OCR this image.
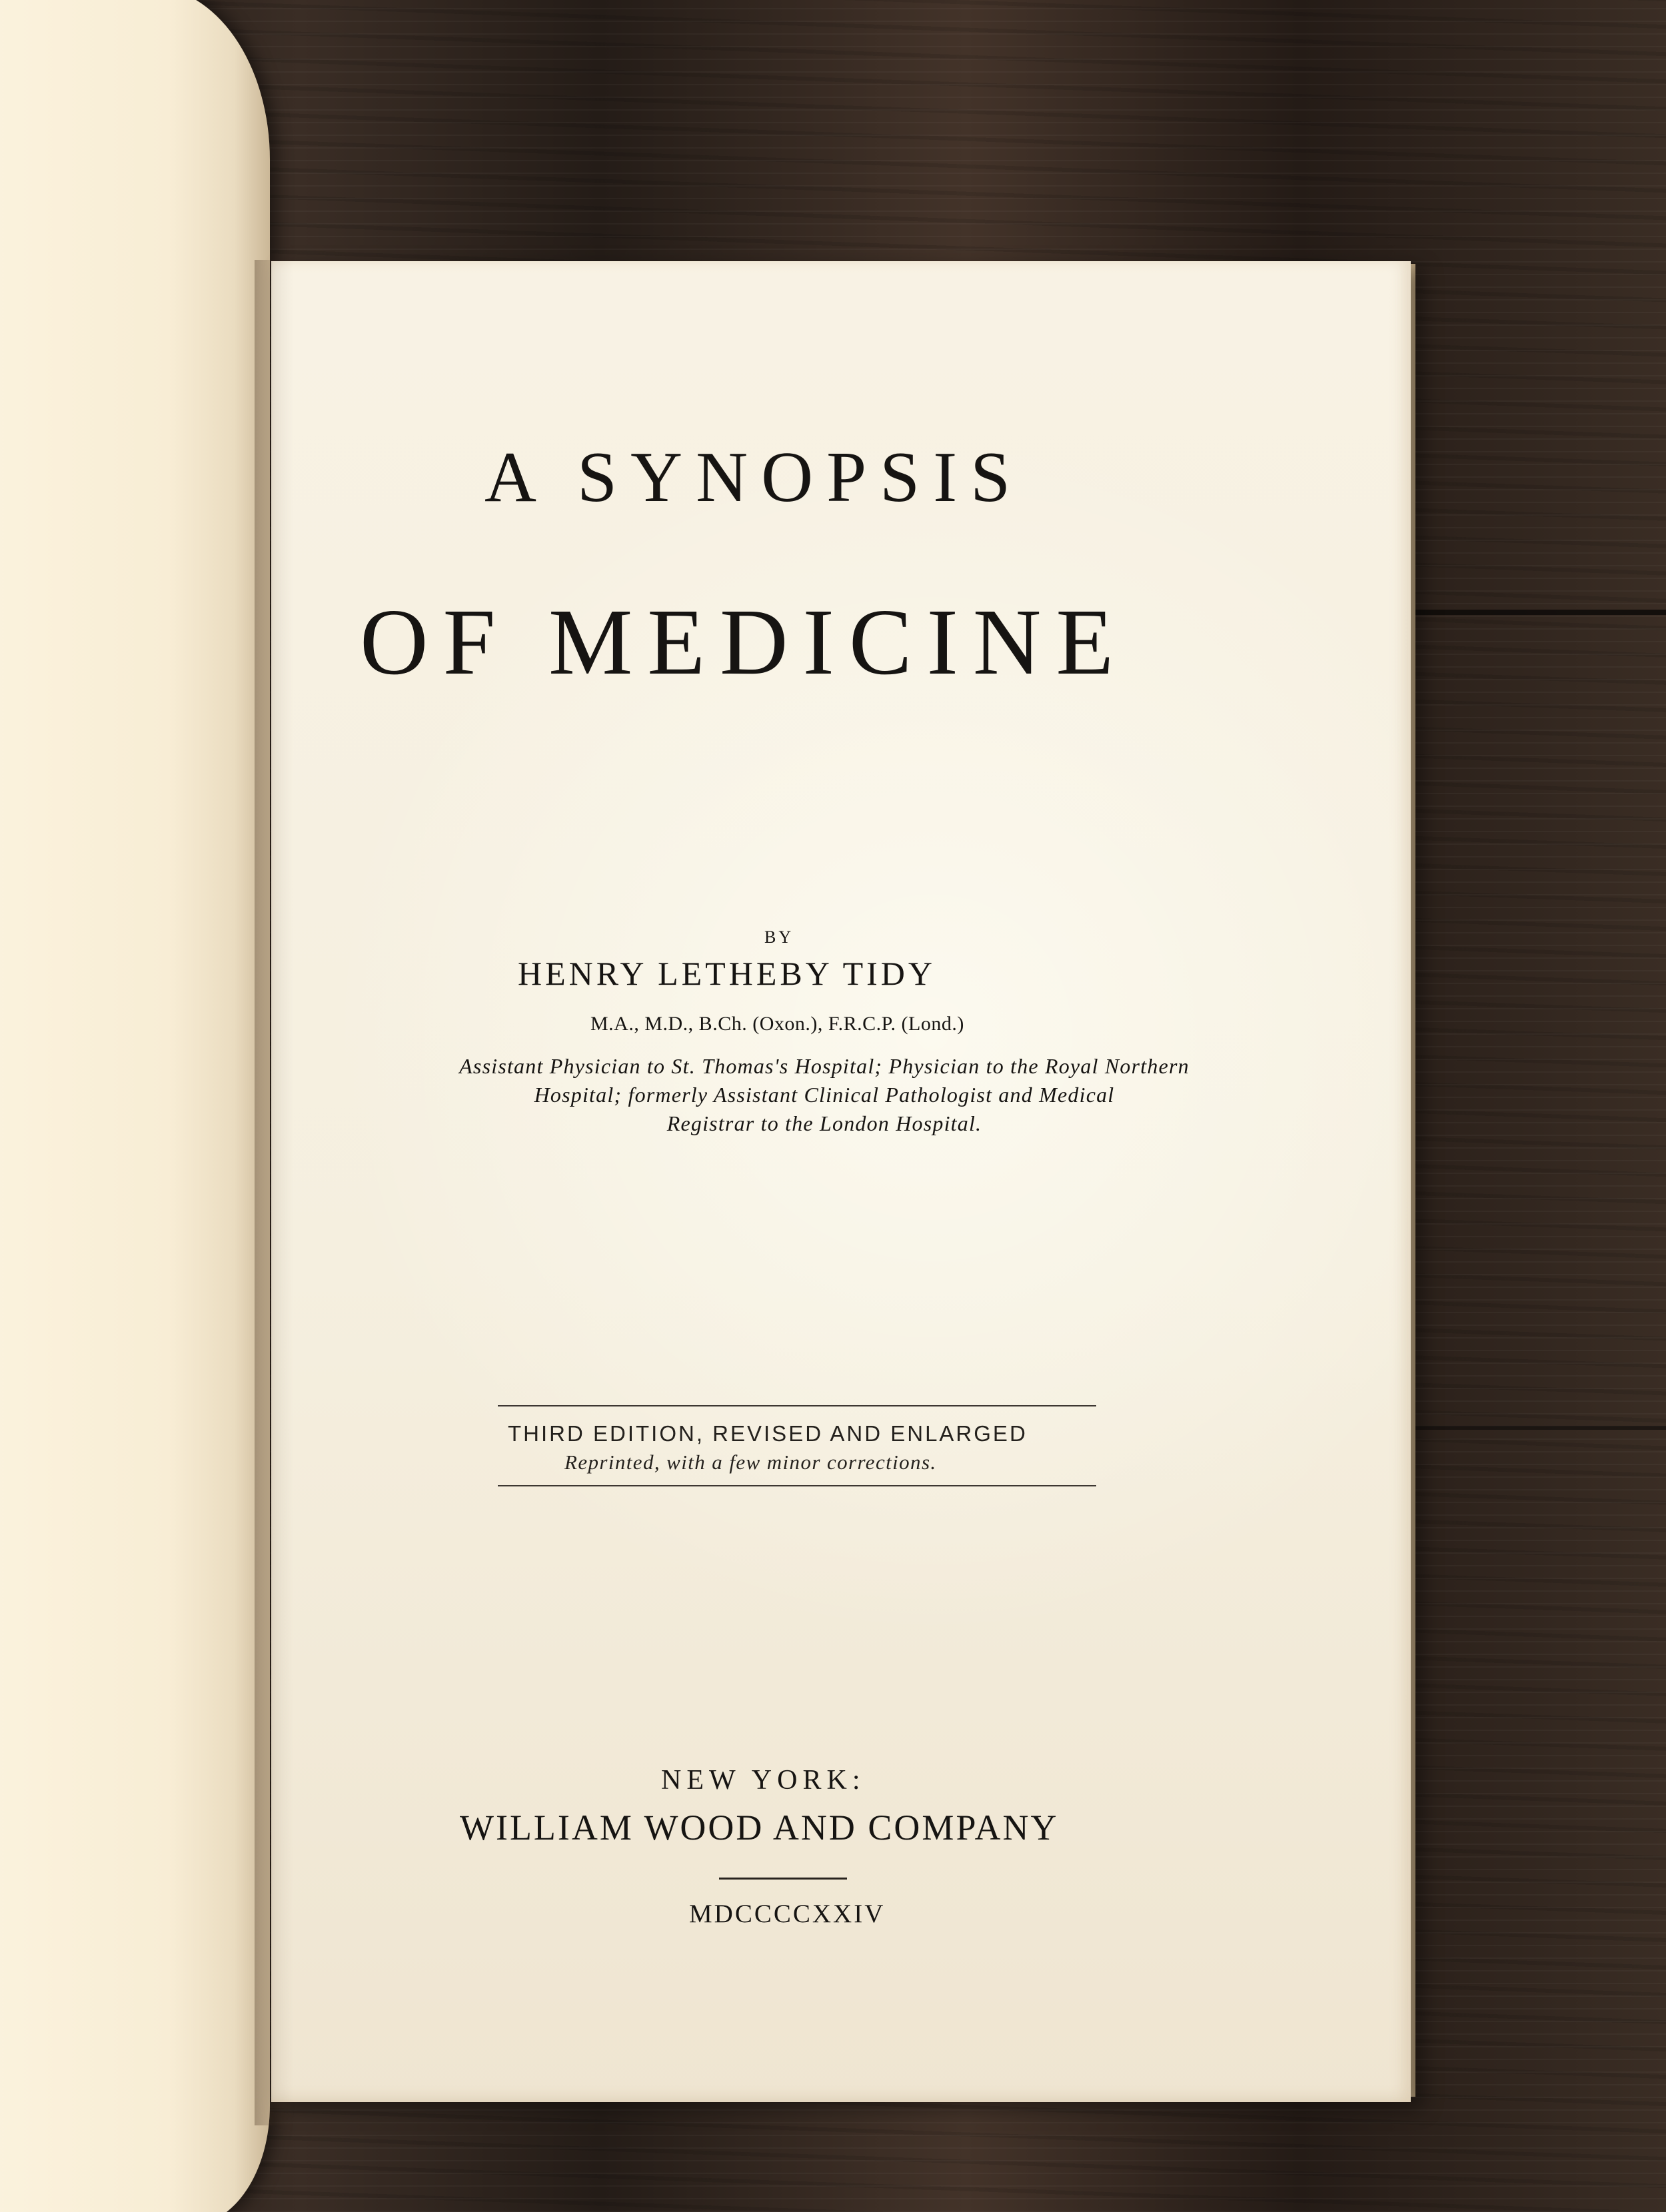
A SYNOPSIS
OF MEDICINE
BY
HENRY LETHEBY TIDY
M.A., M.D., B.Ch. (Oxon.), F.R.C.P. (Lond.)
Assistant Physician to St. Thomas's Hospital; Physician to the Royal Northern
Hospital; formerly Assistant Clinical Pathologist and Medical
Registrar to the London Hospital.
THIRD EDITION, REVISED AND ENLARGED
Reprinted, with a few minor corrections.
NEW YORK:
WILLIAM WOOD AND COMPANY
MDCCCCXXIV
